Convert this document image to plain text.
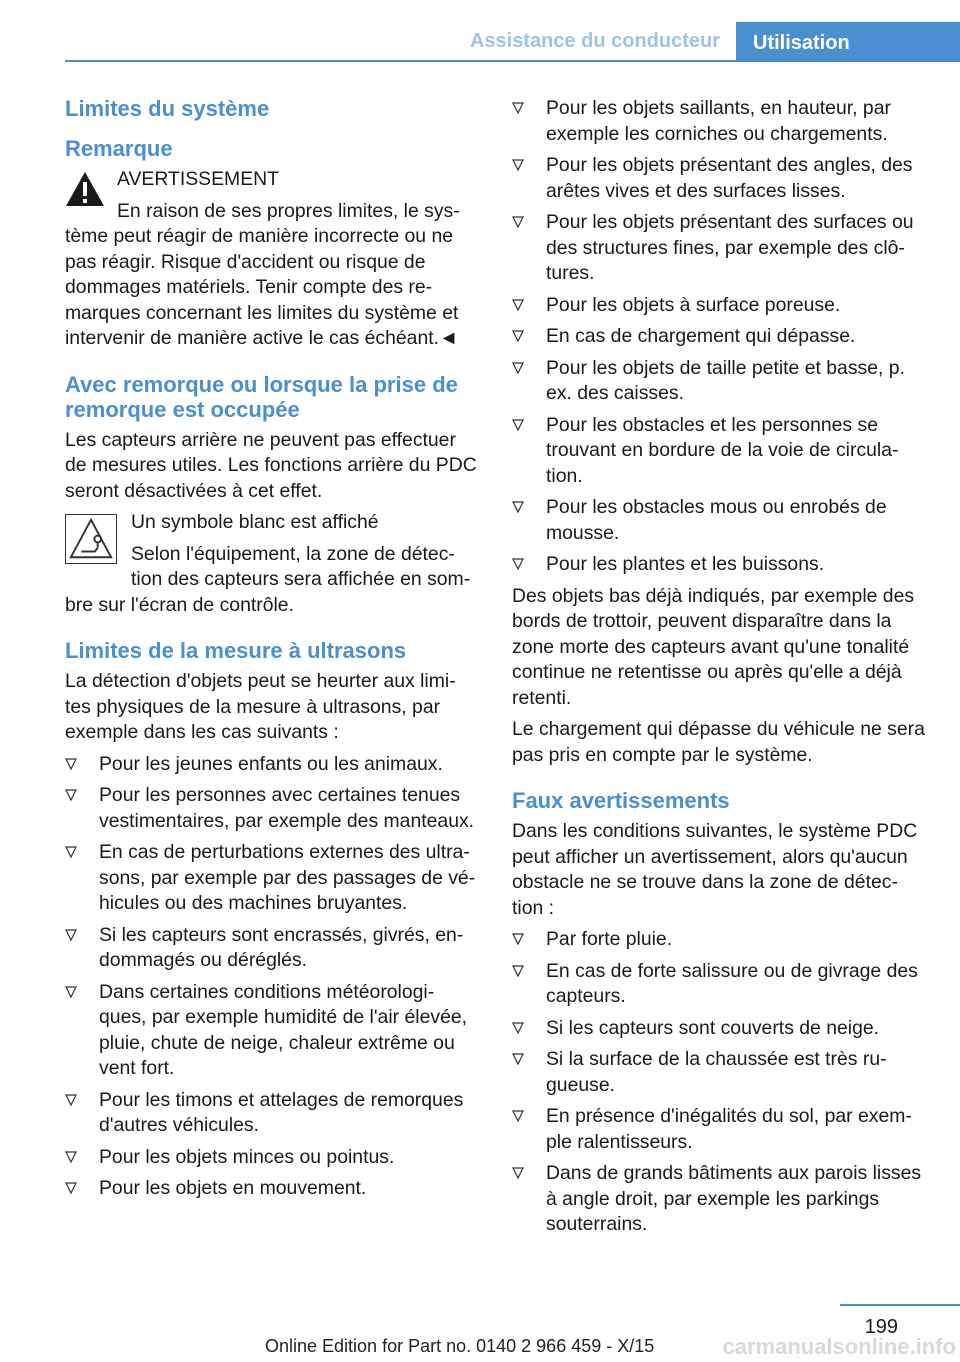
Assistance du conducteur	Utilisation
Limites du système
Remarque
AVERTISSEMENT

En raison de ses propres limites, le sys-tème peut réagir de manière incorrecte ou ne pas réagir. Risque d'accident ou risque de dommages matériels. Tenir compte des re-marques concernant les limites du système et intervenir de manière active le cas échéant.◄

Avec remorque ou lorsque la prise de remorque est occupée

Les capteurs arrière ne peuvent pas effectuer de mesures utiles. Les fonctions arrière du PDC seront désactivées à cet effet.

Un symbole blanc est affiché

Selon l'équipement, la zone de détec-tion des capteurs sera affichée en som-bre sur l'écran de contrôle.

Limites de la mesure à ultrasons

La détection d'objets peut se heurter aux limi-tes physiques de la mesure à ultrasons, par exemple dans les cas suivants :

Pour les jeunes enfants ou les animaux.
Pour les personnes avec certaines tenues vestimentaires, par exemple des manteaux.
En cas de perturbations externes des ultra-sons, par exemple par des passages de vé-hicules ou des machines bruyantes.
Si les capteurs sont encrassés, givrés, en-dommagés ou déréglés.
Dans certaines conditions météorologi-ques, par exemple humidité de l'air élevée, pluie, chute de neige, chaleur extrême ou vent fort.
Pour les timons et attelages de remorques d'autres véhicules.
Pour les objets minces ou pointus.
Pour les objets en mouvement.
Pour les objets saillants, en hauteur, par exemple les corniches ou chargements.
Pour les objets présentant des angles, des arêtes vives et des surfaces lisses.
Pour les objets présentant des surfaces ou des structures fines, par exemple des clô-tures.
Pour les objets à surface poreuse.
En cas de chargement qui dépasse.
Pour les objets de taille petite et basse, p. ex. des caisses.
Pour les obstacles et les personnes se trouvant en bordure de la voie de circula-tion.
Pour les obstacles mous ou enrobés de mousse.
Pour les plantes et les buissons.

Des objets bas déjà indiqués, par exemple des bords de trottoir, peuvent disparaître dans la zone morte des capteurs avant qu'une tonalité continue ne retentisse ou après qu'elle a déjà retenti.

Le chargement qui dépasse du véhicule ne sera pas pris en compte par le système.

Faux avertissements

Dans les conditions suivantes, le système PDC peut afficher un avertissement, alors qu'aucun obstacle ne se trouve dans la zone de détec-tion :

Par forte pluie.
En cas de forte salissure ou de givrage des capteurs.
Si les capteurs sont couverts de neige.
Si la surface de la chaussée est très ru-gueuse.
En présence d'inégalités du sol, par exem-ple ralentisseurs.
Dans de grands bâtiments aux parois lisses à angle droit, par exemple les parkings souterrains.
199
Online Edition for Part no. 0140 2 966 459 - X/15	carmanualsonline.info
